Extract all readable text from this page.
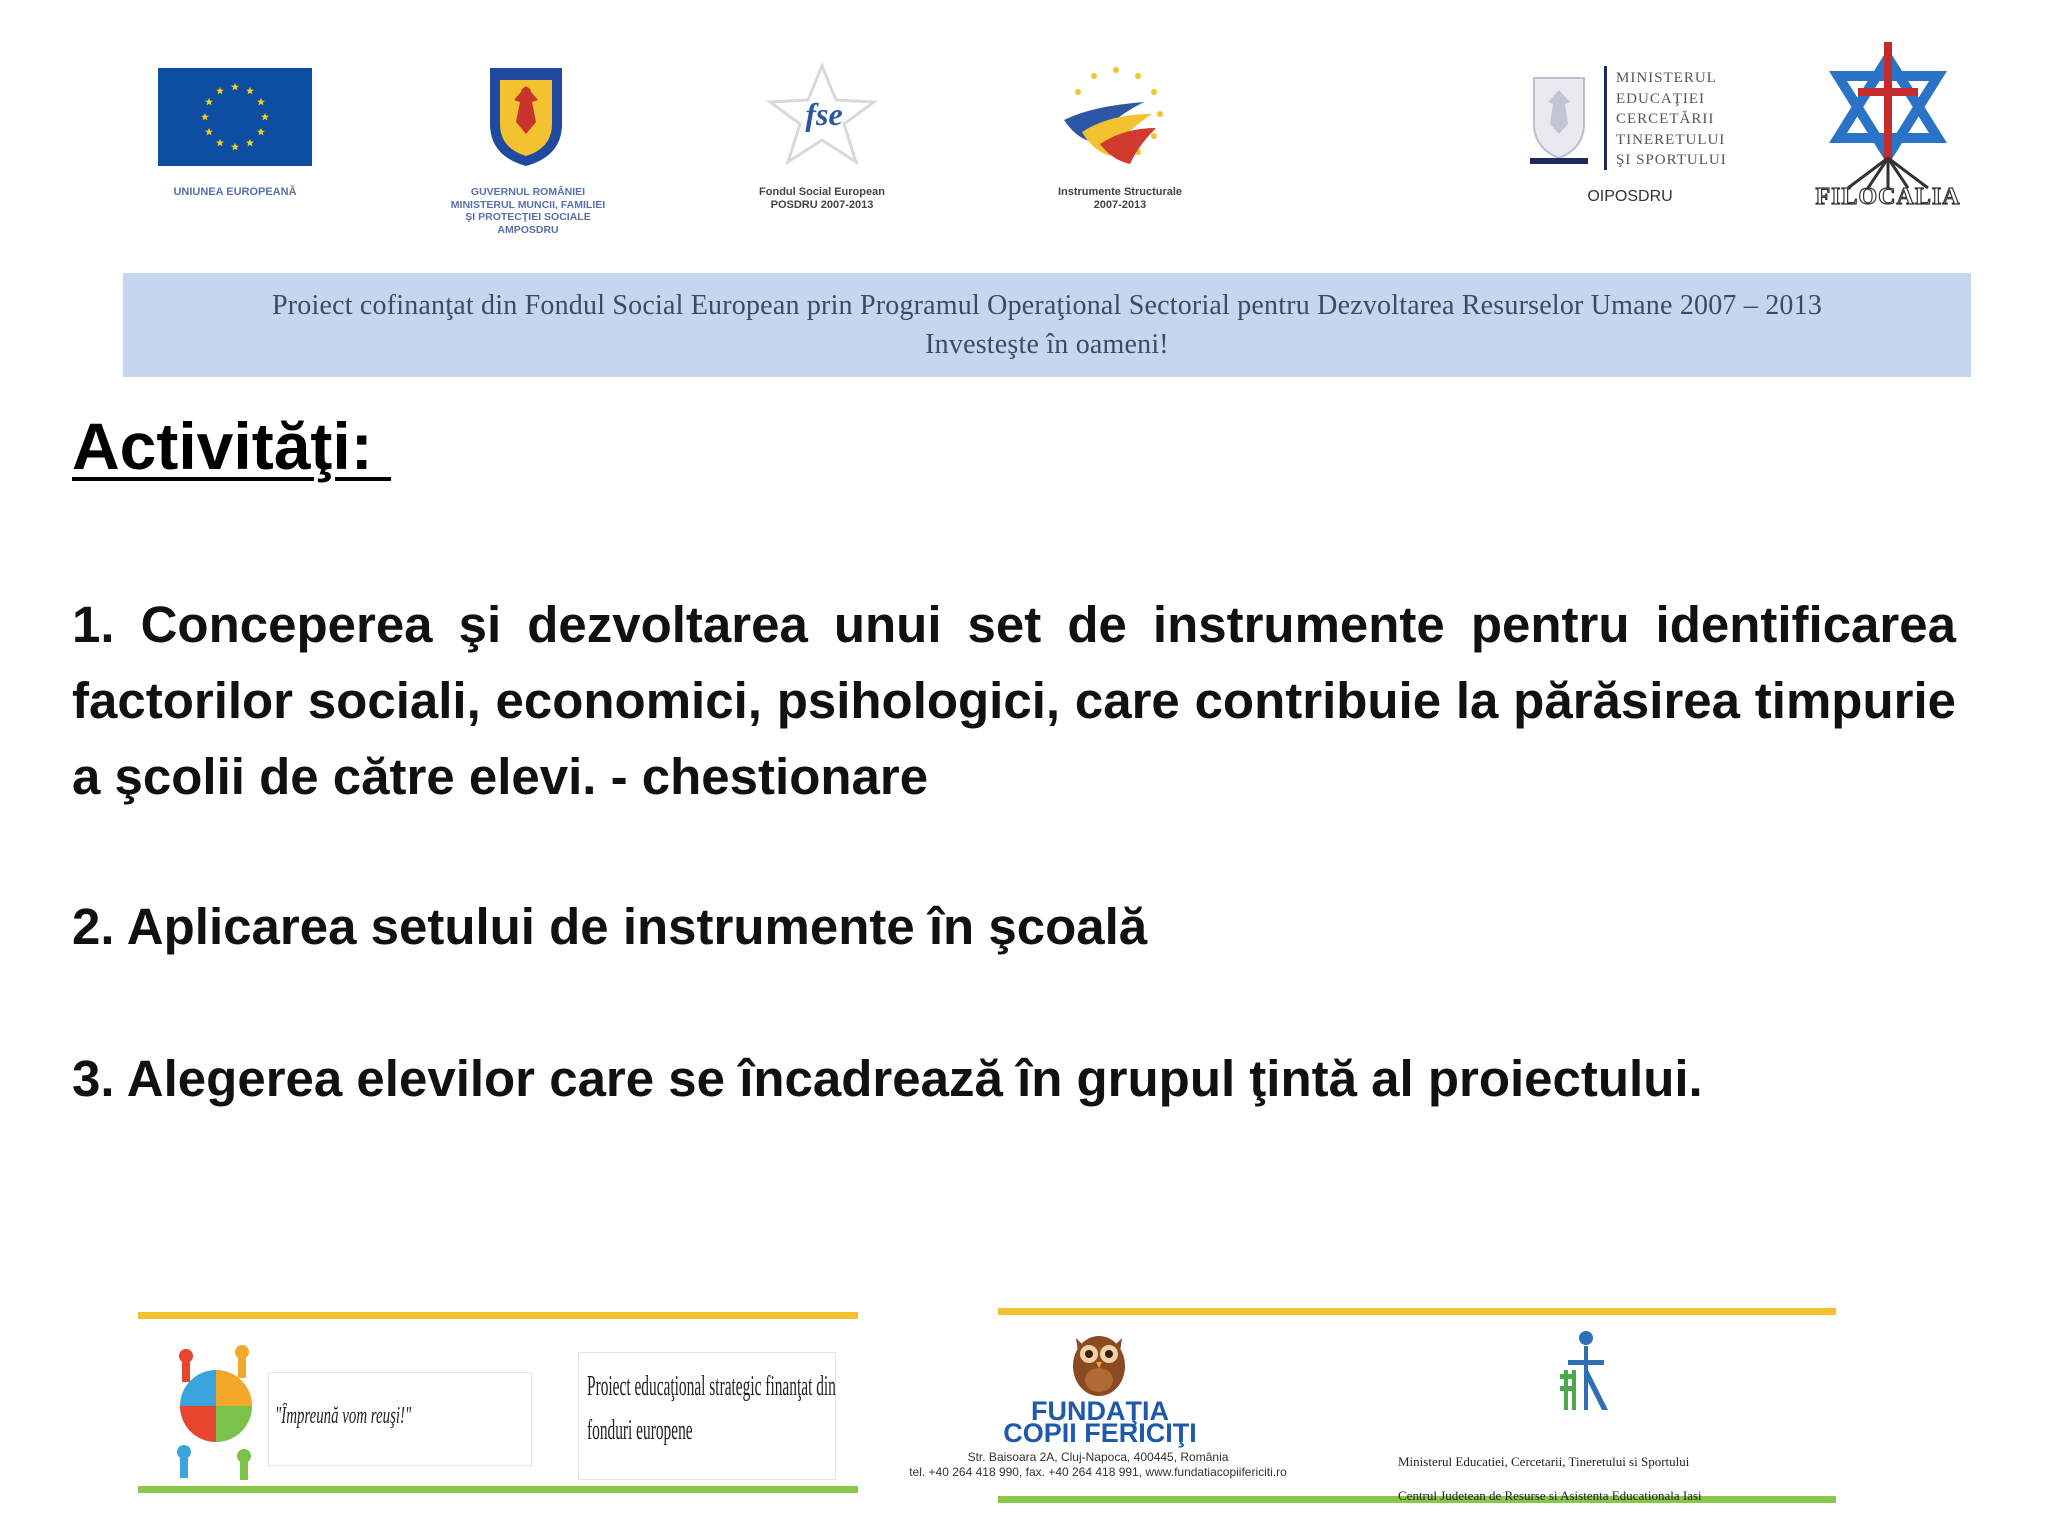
UNIUNEA EUROPEANĂ	GUVERNUL ROMÂNIEI
MINISTERUL MUNCII, FAMILIEI
ŞI PROTECŢIEI SOCIALE
AMPOSDRU
fse
Fondul Social European
POSDRU 2007-2013
Instrumente Structurale
2007-2013
MINISTERUL
EDUCAŢIEI
CERCETĂRII
TINERETULUI
ŞI SPORTULUI
OIPOSDRU	FILOCALIA
Proiect cofinanţat din Fondul Social European prin Programul Operaţional Sectorial pentru Dezvoltarea Resurselor Umane 2007 – 2013
Investeşte în oameni!
Activităţi:
1. Conceperea şi dezvoltarea unui set de instrumente pentru identificarea factorilor sociali, economici, psihologici, care contribuie la părăsirea timpurie a şcolii de către elevi. - chestionare
2. Aplicarea setului de instrumente în şcoală
3. Alegerea elevilor care se încadrează în grupul ţintă al proiectului.
"Împreună vom reuşi!"
Proiect educaţional strategic finanţat din
fonduri europene
FUNDAŢIA
COPII FERICIŢI
Str. Baisoara 2A, Cluj-Napoca, 400445, România
tel. +40 264 418 990, fax. +40 264 418 991, www.fundatiacopiifericiti.ro

Ministerul Educatiei, Cercetarii, Tineretului si Sportului

Centrul Judetean de Resurse si Asistenta Educationala Iasi
